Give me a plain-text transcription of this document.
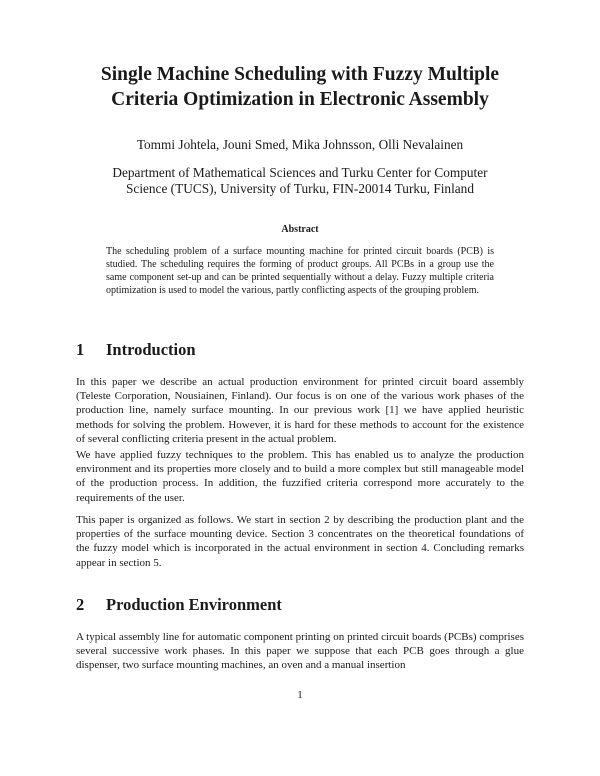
Single Machine Scheduling with Fuzzy Multiple
Criteria Optimization in Electronic Assembly
Tommi Johtela, Jouni Smed, Mika Johnsson, Olli Nevalainen
Department of Mathematical Sciences and Turku Center for Computer
Science (TUCS), University of Turku, FIN-20014 Turku, Finland
Abstract
The scheduling problem of a surface mounting machine for printed circuit boards (PCB) is studied. The scheduling requires the forming of product groups. All PCBs in a group use the same component set-up and can be printed sequentially without a delay. Fuzzy multiple criteria optimization is used to model the various, partly conflicting aspects of the grouping problem.
1 Introduction

In this paper we describe an actual production environment for printed circuit board assembly (Teleste Corporation, Nousiainen, Finland). Our focus is on one of the various work phases of the production line, namely surface mounting. In our previous work [1] we have applied heuristic methods for solving the problem. However, it is hard for these methods to account for the existence of several conflicting criteria present in the actual problem.

We have applied fuzzy techniques to the problem. This has enabled us to analyze the production environment and its properties more closely and to build a more complex but still manageable model of the production process. In addition, the fuzzified criteria correspond more accurately to the requirements of the user.

This paper is organized as follows. We start in section 2 by describing the production plant and the properties of the surface mounting device. Section 3 concentrates on the theoretical foundations of the fuzzy model which is incorporated in the actual environment in section 4. Concluding remarks appear in section 5.

2 Production Environment

A typical assembly line for automatic component printing on printed circuit boards (PCBs) comprises several successive work phases. In this paper we suppose that each PCB goes through a glue dispenser, two surface mounting machines, an oven and a manual insertion

1
